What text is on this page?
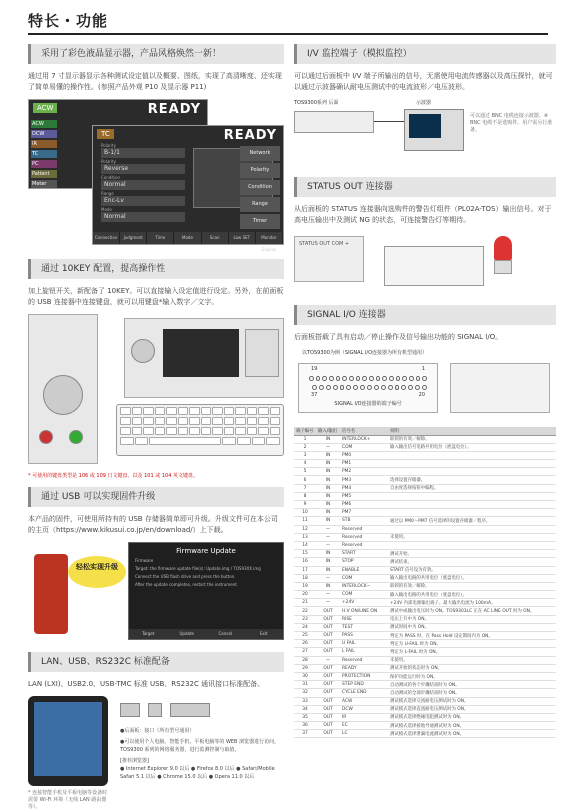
特长・功能
采用了彩色液晶显示器，产品风格焕然一新！
通过用 7 寸显示器显示各种测试设定值以及概要、图纸，实现了高清晰度、还实现了简单易懂的操作性。(参照产品外观 P10 及显示器 P11)
ACW	READY
ACW
DCW
IR
TC
PC
Patient
Meter
TC	READY
Polarity
B-1/1
Polarity
Reverse
Condition
Normal
Range
Enc-Lv
Mode
Normal
Network
Polarity
Condition
Range
Timer
Connection	Judgment	Time	Mode	Scan	Low SET	Monitor Display
通过 10KEY 配置，提高操作性
加上旋钮开关，新配备了 10KEY。可以直接输入设定值进行设定。另外，在前面板的 USB 连接器中连接键盘，就可以用键盘*输入数字／文字。
* 可使用的键盘类型是 106 或 109 日文键盘、以及 101 或 104 英文键盘。
通过 USB 可以实现固件升级
本产品的固件，可使用所持有的 USB 存储器简单即可升级。升级文件可在本公司的主页（https://www.kikusui.co.jp/en/download/）上下载。
轻松实现升级
Firmware Update
Firmware
Target: the firmware update file(s): Update.img / TOS93XX.img
Connect the USB flash drive and press the button.
After the update completes, restart the instrument.
Target	Update	Cancel	Exit
LAN、USB、RS232C 标准配备
LAN (LXI)、USB2.0、USB-TMC 标准 USB、RS232C 通讯接口标准配备。
●后面板：接口（所有型号通用）
●可以使用个人电脑、智能手机、平板电脑等的 WEB 浏览器进行访问。TOS9300 系列的网络服务器，进行监测控制与取值。
[推荐浏览器]
● Internet Explorer 9.0 以后 ● Firefox 8.0 以后 ● Safari/Mobile Safari 5.1 以后 ● Chrome 15.0 以后 ● Opera 11.0 以后
* 连接智能手机及平板电脑等设备时需要 Wi-Fi 环境（无线 LAN 路由器等）。
I/V 监控端子（模拟监控）
可以通过后面板中 I/V 端子所输出的信号，无需使用电流传感器以及高压探针，就可以通过示波器确认耐电压测试中的电流波形／电压波形。
TOS9300系列 后面	示波器
可以通过 BNC 电缆连接示波器。※ BNC 电缆不是选购件。用户需另行准备。
STATUS OUT 连接器
从后面板的 STATUS 连接器向选购件的警告灯组件（PL02A-TOS）输出信号。对于高电压输出中及测试 NG 的状态，可连接警告灯等期待。
STATUS OUT COM +
SIGNAL I/O 连接器
后面板搭载了具有启动／停止操作及信号输出功能的 SIGNAL I/O。
以TOS9300为例（SIGNAL I/O连接器为所有机型通用）
19	1
37	20
SIGNAL I/O连接器的端子编号
端子编号	输入/输出	信号名	说明
1	IN	INTERLOCK+	联锁的有效／解除。
2	—	COM	输入输出信号电路共用电位（底盘电位）。
3	IN	PM0	
4	IN	PM1	
5	IN	PM2	
6	IN	PM3	选择设置存储器。
7	IN	PM4	自由度选择按钮中编程。
8	IN	PM5	
9	IN	PM6	
10	IN	PM7	
11	IN	STB	通过以 PM0～PM7 信号选择的设置存储器／程序。
12	—	Reserved	
13	—	Reserved	未使用。
14	—	Reserved	
15	IN	START	测试开始。
16	IN	STOP	测试结束。
17	IN	ENABLE	START 信号设为有效。
18	—	COM	输入输出电路的共用电位（底盘电位）。
19	IN	INTERLOCK−	联锁的有效／解除。
20	—	COM	输入输出电路的共用电位（底盘电位）。
21	—	+24V	+24V 内部电源输出端子。最大输出电流为 100mA。
22	OUT	H.V ON/LINE ON	测试中或输出电压时为 ON。TOS9303LC 正在 AC LINE OUT 时为 ON。
23	OUT	RISE	电压上升中为 ON。
24	OUT	TEST	测试时间中为 ON。
25	OUT	PASS	判定为 PASS 时，在 Pass Hold 设定期间内为 ON。
26	OUT	U FAIL	判定为 U-FAIL 时为 ON。
27	OUT	L FAIL	判定为 L-FAIL 时为 ON。
28	—	Reserved	未使用。
29	OUT	READY	测试开始的状态时为 ON。
30	OUT	PROTECTION	保护功能运行时为 ON。
31	OUT	STEP END	自动测试的各个步骤结束时为 ON。
32	OUT	CYCLE END	自动测试的全部步骤结束时为 ON。
33	OUT	ACW	测试模式选择交流耐电压测试时为 ON。
34	OUT	DCW	测试模式选择直流耐电压测试时为 ON。
35	OUT	IR	测试模式选择绝缘电阻测试时为 ON。
36	OUT	EC	测试模式选择接地导通测试时为 ON。
37	OUT	LC	测试模式选择泄漏电流测试时为 ON。
